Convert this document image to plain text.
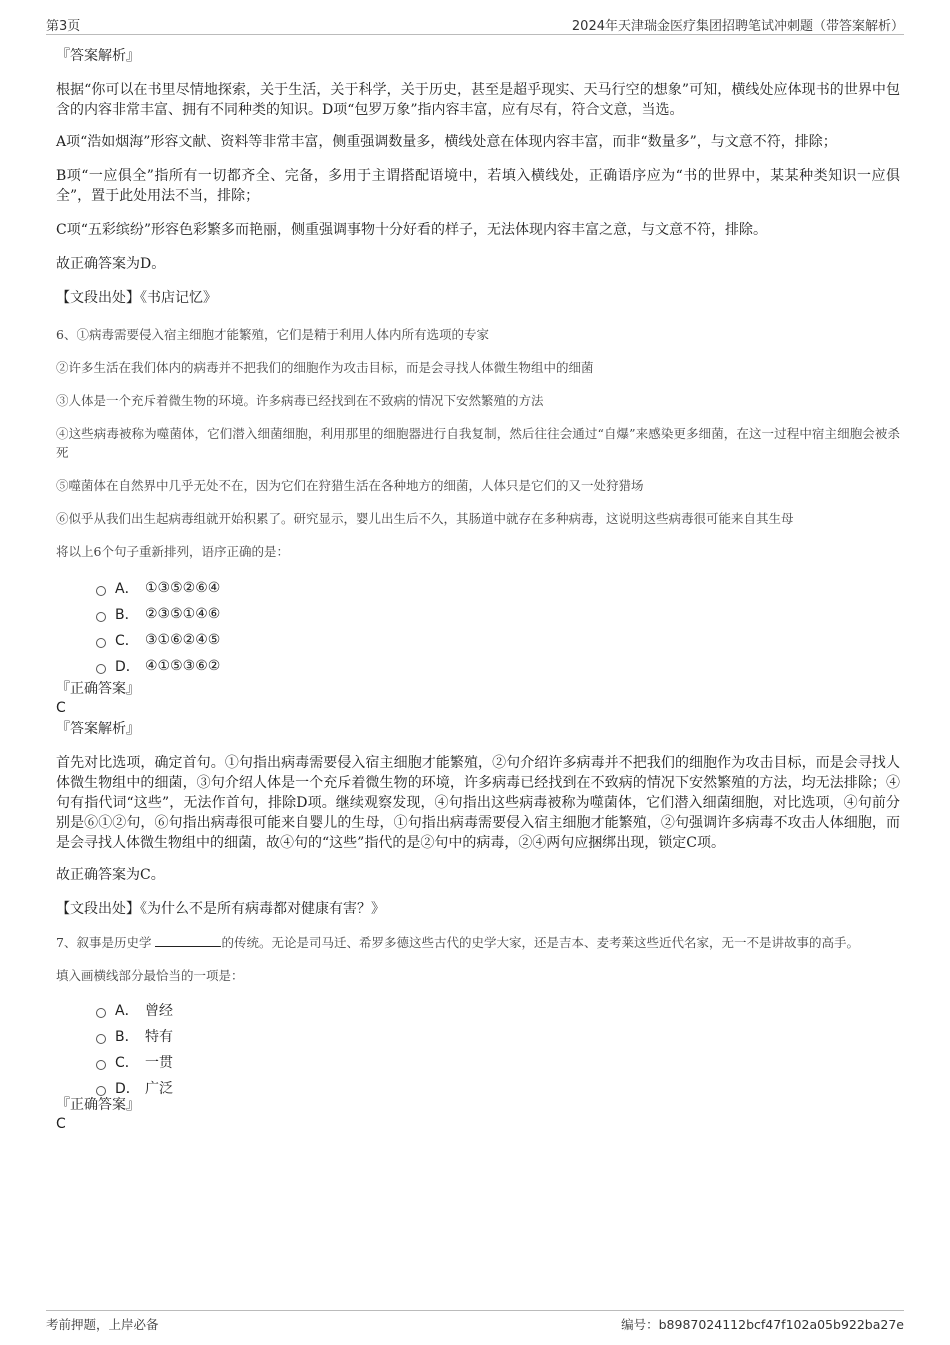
第3页	2024年天津瑞金医疗集团招聘笔试冲刺题（带答案解析）

『答案解析』

根据“你可以在书里尽情地探索，关于生活，关于科学，关于历史，甚至是超乎现实、天马行空的想象”可知，横线处应体现书的世界中包含的内容非常丰富、拥有不同种类的知识。D项“包罗万象”指内容丰富，应有尽有，符合文意，当选。

A项“浩如烟海”形容文献、资料等非常丰富，侧重强调数量多，横线处意在体现内容丰富，而非“数量多”，与文意不符，排除；

B项“一应俱全”指所有一切都齐全、完备，多用于主谓搭配语境中，若填入横线处，正确语序应为“书的世界中，某某种类知识一应俱全”，置于此处用法不当，排除；

C项“五彩缤纷”形容色彩繁多而艳丽，侧重强调事物十分好看的样子，无法体现内容丰富之意，与文意不符，排除。

故正确答案为D。

【文段出处】《书店记忆》

6、①病毒需要侵入宿主细胞才能繁殖，它们是精于利用人体内所有选项的专家

②许多生活在我们体内的病毒并不把我们的细胞作为攻击目标，而是会寻找人体微生物组中的细菌

③人体是一个充斥着微生物的环境。许多病毒已经找到在不致病的情况下安然繁殖的方法

④这些病毒被称为噬菌体，它们潜入细菌细胞，利用那里的细胞器进行自我复制，然后往往会通过“自爆”来感染更多细菌，在这一过程中宿主细胞会被杀死

⑤噬菌体在自然界中几乎无处不在，因为它们在狩猎生活在各种地方的细菌，人体只是它们的又一处狩猎场

⑥似乎从我们出生起病毒组就开始积累了。研究显示，婴儿出生后不久，其肠道中就存在多种病毒，这说明这些病毒很可能来自其生母

将以上6个句子重新排列，语序正确的是：

A． ①③⑤②⑥④
B． ②③⑤①④⑥
C． ③①⑥②④⑤
D． ④①⑤③⑥②

『正确答案』

C

『答案解析』

首先对比选项，确定首句。①句指出病毒需要侵入宿主细胞才能繁殖，②句介绍许多病毒并不把我们的细胞作为攻击目标，而是会寻找人体微生物组中的细菌，③句介绍人体是一个充斥着微生物的环境，许多病毒已经找到在不致病的情况下安然繁殖的方法，均无法排除；④句有指代词“这些”，无法作首句，排除D项。继续观察发现，④句指出这些病毒被称为噬菌体，它们潜入细菌细胞，对比选项，④句前分别是⑥①②句，⑥句指出病毒很可能来自婴儿的生母，①句指出病毒需要侵入宿主细胞才能繁殖，②句强调许多病毒不攻击人体细胞，而是会寻找人体微生物组中的细菌，故④句的“这些”指代的是②句中的病毒，②④两句应捆绑出现，锁定C项。

故正确答案为C。

【文段出处】《为什么不是所有病毒都对健康有害？》

7、叙事是历史学	的传统。无论是司马迁、希罗多德这些古代的史学大家，还是吉本、麦考莱这些近代名家，无一不是讲故事的高手。

填入画横线部分最恰当的一项是：

A． 曾经
B． 特有
C． 一贯
D． 广泛

『正确答案』

C

考前押题，上岸必备	编号：b8987024112bcf47f102a05b922ba27e
